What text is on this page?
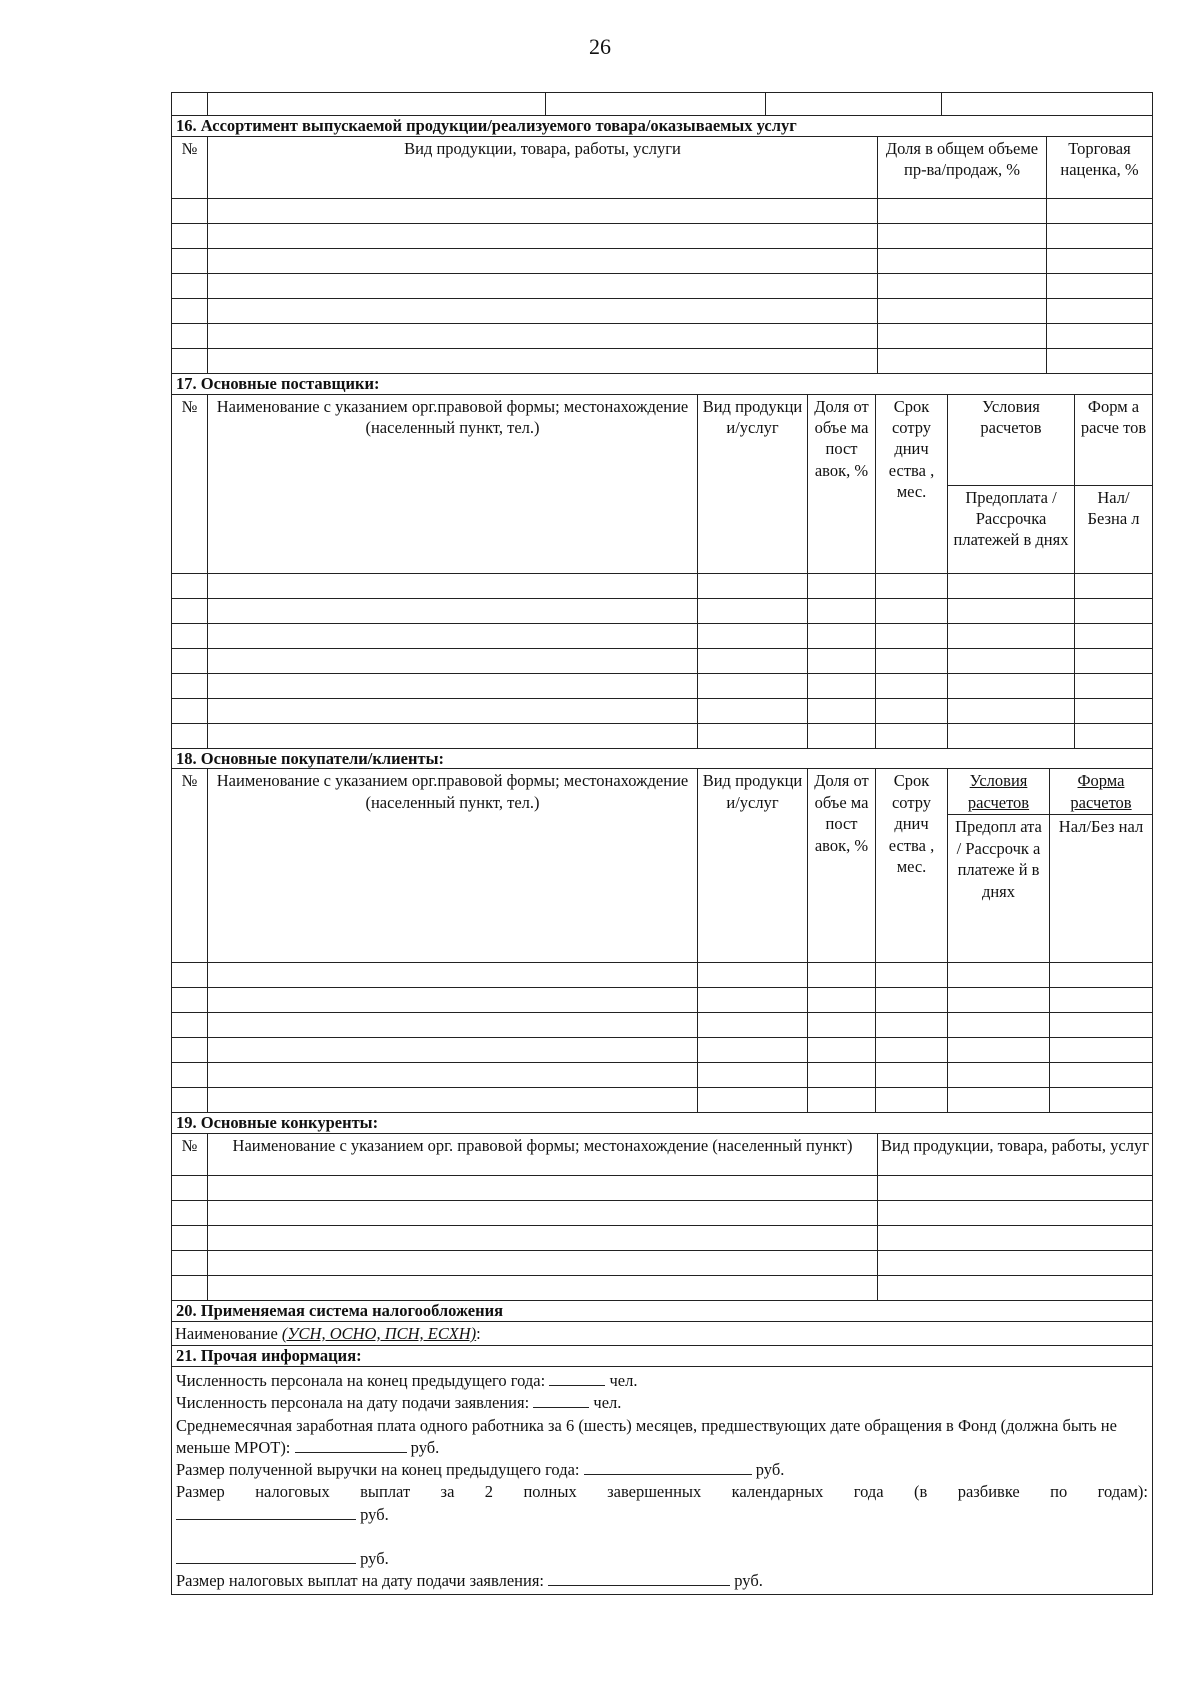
26

16. Ассортимент выпускаемой продукции/реализуемого товара/оказываемых услуг			
№	Вид продукции, товара, работы, услуги	Доля в общем объеме пр-ва/продаж, %	Торговая наценка, %

17. Основные поставщики:						
№	Наименование с указанием орг.правовой формы; местонахождение (населенный пункт, тел.)	Вид продукци и/услуг	Доля от объе ма пост авок, %	Срок сотру днич ества , мес.	Условия расчетов	Форм а расче тов
					Предоплата / Рассрочка платежей в днях	Нал/ Безна л

18. Основные покупатели/клиенты:						
№	Наименование с указанием орг.правовой формы; местонахождение (населенный пункт, тел.)	Вид продукци и/услуг	Доля от объе ма пост авок, %	Срок сотру днич ества , мес.	Условия расчетов	Форма расчетов
					Предопл ата / Рассрочк а платеже й в днях	Нал/Без нал

19. Основные конкуренты:		
№	Наименование с указанием орг. правовой формы; местонахождение (населенный пункт)	Вид продукции, товара, работы, услуг

20. Применяемая система налогообложения
Наименование (УСН, ОСНО, ПСН, ЕСХН):
21. Прочая информация:

Численность персонала на конец предыдущего года:	чел.
Численность персонала на дату подачи заявления:	чел.
Среднемесячная заработная плата одного работника за 6 (шесть) месяцев, предшествующих дате обращения в Фонд (должна быть не меньше МРОТ):	руб.
Размер полученной выручки на конец предыдущего года:	руб.
Размер налоговых выплат за 2 полных завершенных календарных года (в разбивке по годам):
руб.
руб.
Размер налоговых выплат на дату подачи заявления:	руб.
